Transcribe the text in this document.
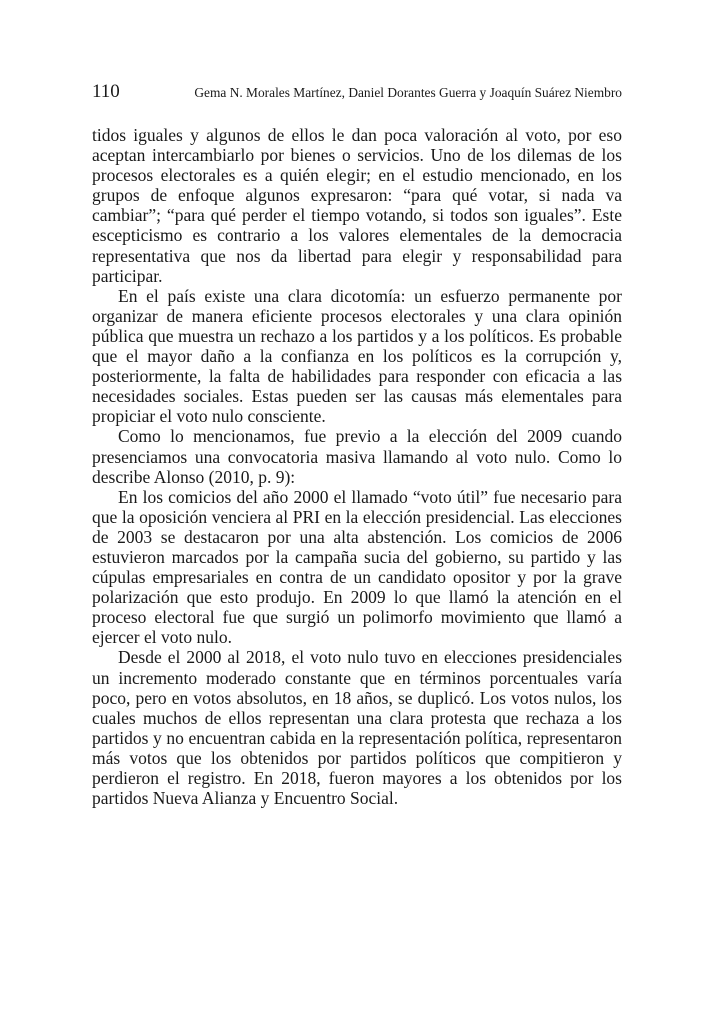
110	Gema N. Morales Martínez, Daniel Dorantes Guerra y Joaquín Suárez Niembro

tidos iguales y algunos de ellos le dan poca valoración al voto, por eso aceptan intercambiarlo por bienes o servicios. Uno de los dilemas de los procesos electorales es a quién elegir; en el estudio mencionado, en los grupos de enfoque algunos expresaron: “para qué votar, si nada va cambiar”; “para qué perder el tiempo votando, si todos son iguales”. Este escepticismo es contrario a los valores elementales de la democracia representativa que nos da libertad para elegir y responsabilidad para participar.

En el país existe una clara dicotomía: un esfuerzo permanente por organizar de manera eficiente procesos electorales y una clara opinión pública que muestra un rechazo a los partidos y a los políticos. Es probable que el mayor daño a la confianza en los políticos es la corrupción y, posteriormente, la falta de habilidades para responder con eficacia a las necesidades sociales. Estas pueden ser las causas más elementales para propiciar el voto nulo consciente.

Como lo mencionamos, fue previo a la elección del 2009 cuando presenciamos una convocatoria masiva llamando al voto nulo. Como lo describe Alonso (2010, p. 9):

En los comicios del año 2000 el llamado “voto útil” fue necesario para que la oposición venciera al PRI en la elección presidencial. Las elecciones de 2003 se destacaron por una alta abstención. Los comicios de 2006 estuvieron marcados por la campaña sucia del gobierno, su partido y las cúpulas empresariales en contra de un candidato opositor y por la grave polarización que esto produjo. En 2009 lo que llamó la atención en el proceso electoral fue que surgió un polimorfo movimiento que llamó a ejercer el voto nulo.

Desde el 2000 al 2018, el voto nulo tuvo en elecciones presidenciales un incremento moderado constante que en términos porcentuales varía poco, pero en votos absolutos, en 18 años, se duplicó. Los votos nulos, los cuales muchos de ellos representan una clara protesta que rechaza a los partidos y no encuentran cabida en la representación política, representaron más votos que los obtenidos por partidos políticos que compitieron y perdieron el registro. En 2018, fueron mayores a los obtenidos por los partidos Nueva Alianza y Encuentro Social.
